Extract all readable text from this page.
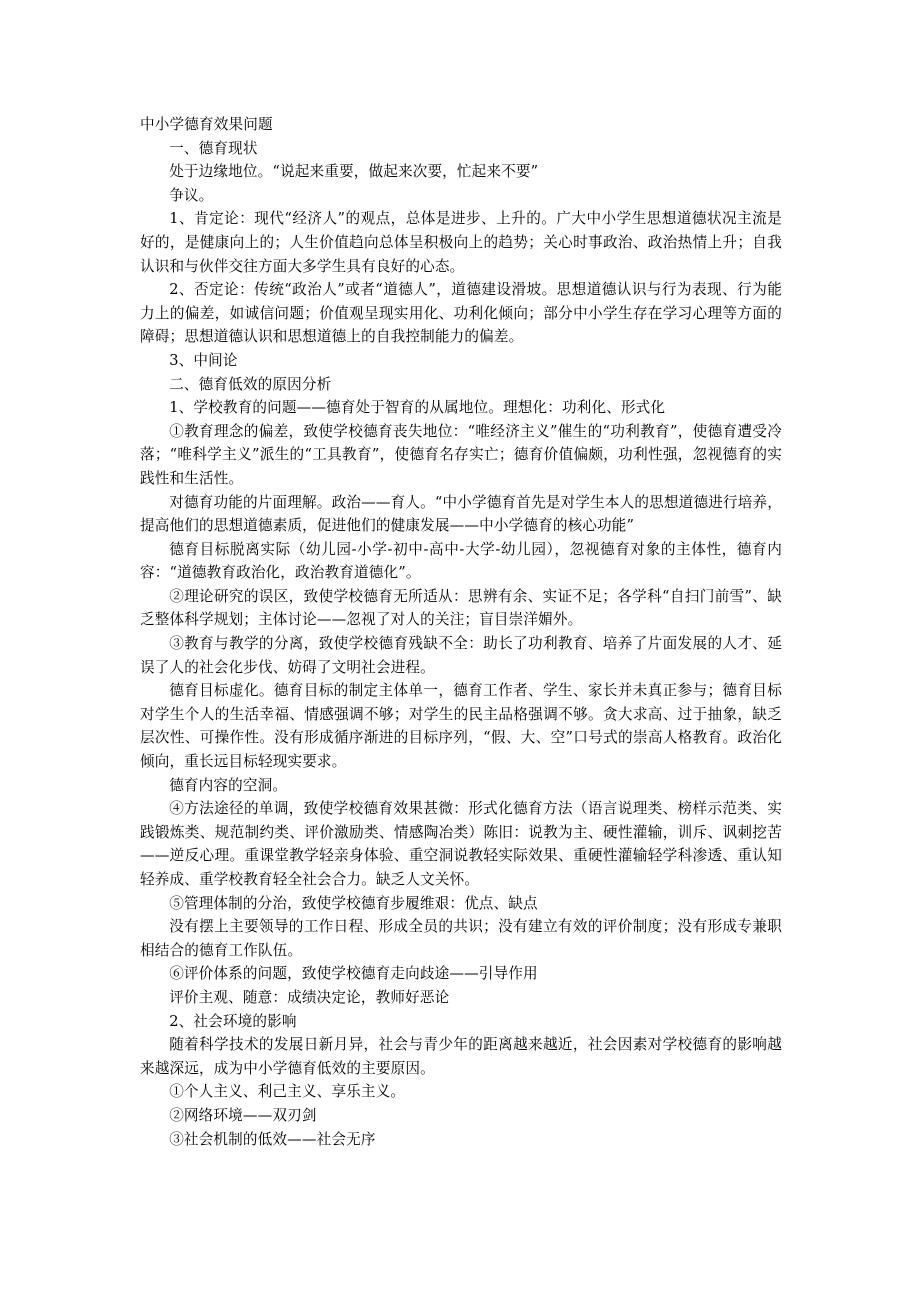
中小学德育效果问题

一、德育现状

处于边缘地位。“说起来重要，做起来次要，忙起来不要”

争议。

1、肯定论：现代“经济人”的观点，总体是进步、上升的。广大中小学生思想道德状况主流是好的，是健康向上的；人生价值趋向总体呈积极向上的趋势；关心时事政治、政治热情上升；自我认识和与伙伴交往方面大多学生具有良好的心态。

2、否定论：传统“政治人”或者“道德人”，道德建设滑坡。思想道德认识与行为表现、行为能力上的偏差，如诚信问题；价值观呈现实用化、功利化倾向；部分中小学生存在学习心理等方面的障碍；思想道德认识和思想道德上的自我控制能力的偏差。

3、中间论

二、德育低效的原因分析

1、学校教育的问题——德育处于智育的从属地位。理想化：功利化、形式化

①教育理念的偏差，致使学校德育丧失地位：“唯经济主义”催生的“功利教育”，使德育遭受冷落；“唯科学主义”派生的“工具教育”，使德育名存实亡；德育价值偏颇，功利性强，忽视德育的实践性和生活性。

对德育功能的片面理解。政治——育人。“中小学德育首先是对学生本人的思想道德进行培养，提高他们的思想道德素质，促进他们的健康发展——中小学德育的核心功能”

德育目标脱离实际（幼儿园-小学-初中-高中-大学-幼儿园），忽视德育对象的主体性，德育内容：“道德教育政治化，政治教育道德化”。

②理论研究的误区，致使学校德育无所适从：思辨有余、实证不足；各学科“自扫门前雪”、缺乏整体科学规划；主体讨论——忽视了对人的关注；盲目崇洋媚外。

③教育与教学的分离，致使学校德育残缺不全：助长了功利教育、培养了片面发展的人才、延误了人的社会化步伐、妨碍了文明社会进程。

德育目标虚化。德育目标的制定主体单一，德育工作者、学生、家长并未真正参与；德育目标对学生个人的生活幸福、情感强调不够；对学生的民主品格强调不够。贪大求高、过于抽象，缺乏层次性、可操作性。没有形成循序渐进的目标序列，“假、大、空”口号式的崇高人格教育。政治化倾向，重长远目标轻现实要求。

德育内容的空洞。

④方法途径的单调，致使学校德育效果甚微：形式化德育方法（语言说理类、榜样示范类、实践锻炼类、规范制约类、评价激励类、情感陶冶类）陈旧：说教为主、硬性灌输，训斥、讽刺挖苦——逆反心理。重课堂教学轻亲身体验、重空洞说教轻实际效果、重硬性灌输轻学科渗透、重认知轻养成、重学校教育轻全社会合力。缺乏人文关怀。

⑤管理体制的分治，致使学校德育步履维艰：优点、缺点

没有摆上主要领导的工作日程、形成全员的共识；没有建立有效的评价制度；没有形成专兼职相结合的德育工作队伍。

⑥评价体系的问题，致使学校德育走向歧途——引导作用

评价主观、随意：成绩决定论，教师好恶论

2、社会环境的影响

随着科学技术的发展日新月异，社会与青少年的距离越来越近，社会因素对学校德育的影响越来越深远，成为中小学德育低效的主要原因。

①个人主义、利己主义、享乐主义。

②网络环境——双刃剑

③社会机制的低效——社会无序
